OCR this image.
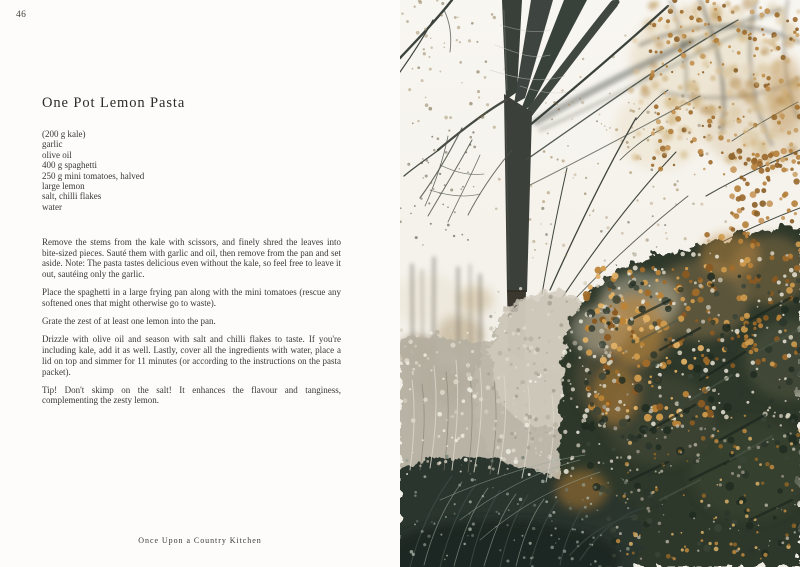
46
One Pot Lemon Pasta
(200 g kale)
garlic
olive oil
400 g spaghetti
250 g mini tomatoes, halved
large lemon
salt, chilli flakes
water
Remove the stems from the kale with scissors, and finely shred the leaves into bite-sized pieces. Sauté them with garlic and oil, then remove from the pan and set aside. Note: The pasta tastes delicious even without the kale, so feel free to leave it out, sautéing only the garlic.
Place the spaghetti in a large frying pan along with the mini tomatoes (rescue any softened ones that might otherwise go to waste).
Grate the zest of at least one lemon into the pan.
Drizzle with olive oil and season with salt and chilli flakes to taste. If you're including kale, add it as well. Lastly, cover all the ingredients with water, place a lid on top and simmer for 11 minutes (or according to the instructions on the pasta packet).
Tip! Don't skimp on the salt! It enhances the flavour and tanginess, complementing the zesty lemon.
Once Upon a Country Kitchen
